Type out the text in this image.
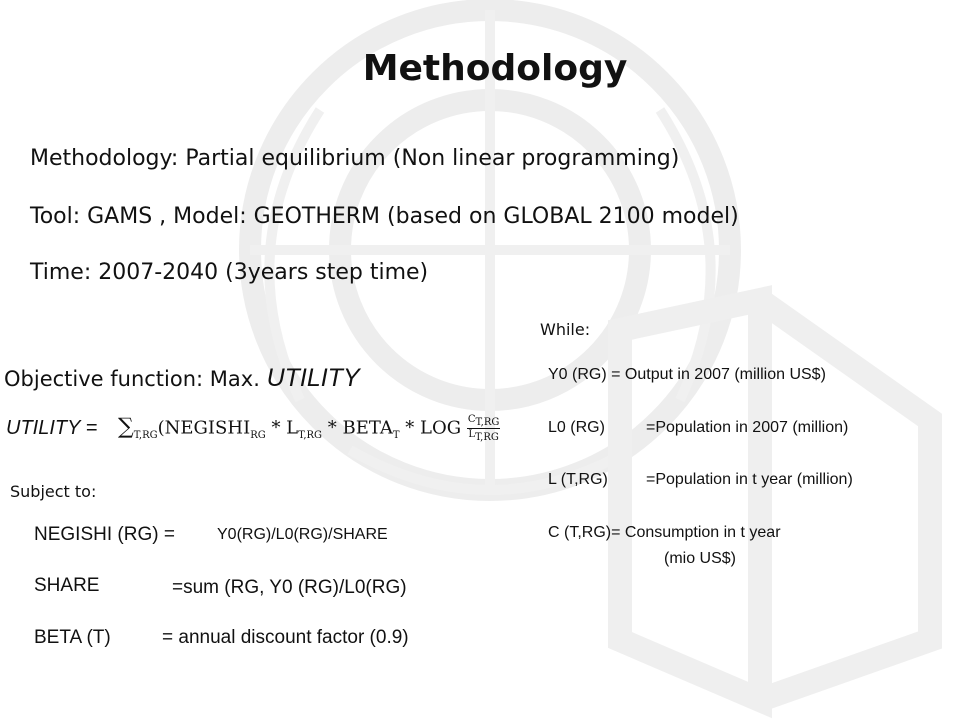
Methodology
Methodology: Partial equilibrium (Non linear programming)
Tool: GAMS , Model: GEOTHERM (based on GLOBAL 2100 model)
Time: 2007-2040 (3years step time)
While:
Objective function: Max. UTILITY
UTILITY = $\sum_{T,RG}(NEGISHI_{RG} * L_{T,RG}$ * $BETA_T$ * LOG $\frac{C_{T,RG}}{L_{T,RG}}$
Subject to:
NEGISHI (RG) =	Y0(RG)/L0(RG)/SHARE
SHARE	=sum (RG, Y0 (RG)/L0(RG)
BETA (T)	= annual discount factor (0.9)
Y0 (RG) = Output in 2007 (million US$)
L0 (RG)	=Population in 2007 (million)
L (T,RG) =Population in t year (million)
C (T,RG)= Consumption in t year
(mio US$)
